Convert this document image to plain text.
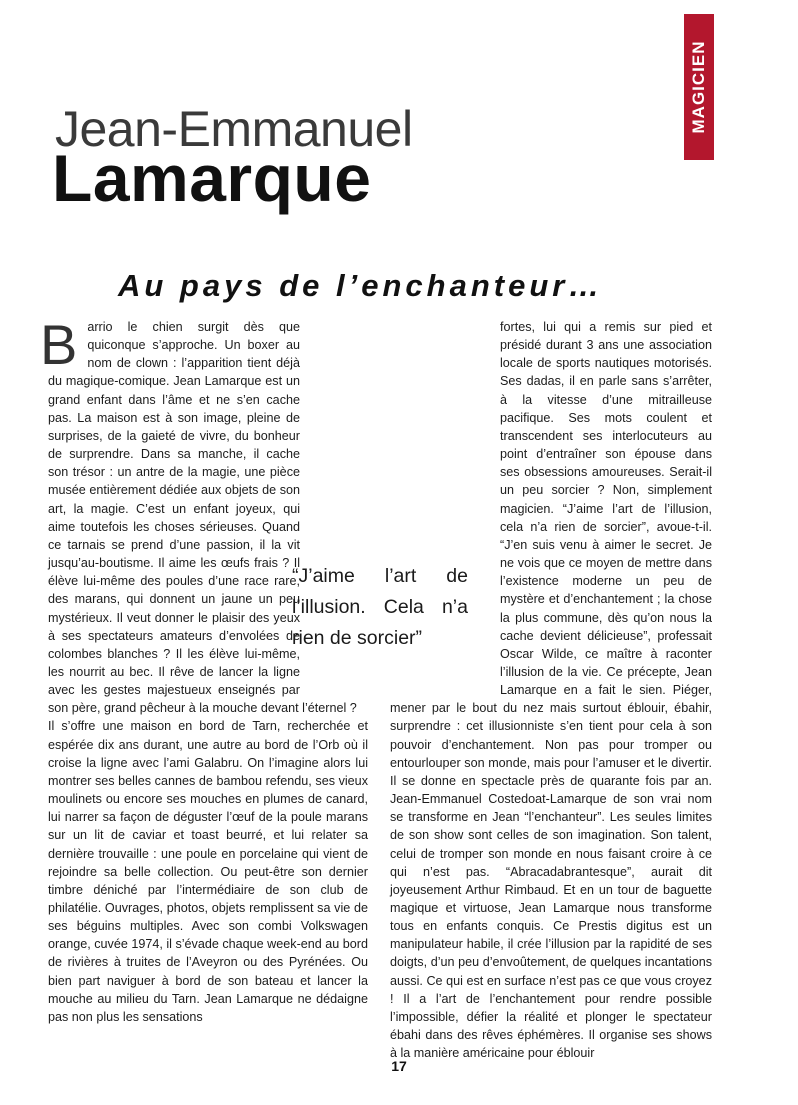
MAGICIEN
Jean-Emmanuel
Lamarque
Au pays de l’enchanteur…

Barrio le chien surgit dès que quiconque s’approche. Un boxer au nom de clown : l’apparition tient déjà du magique-comique. Jean Lamarque est un grand enfant dans l’âme et ne s’en cache pas. La maison est à son image, pleine de surprises, de la gaieté de vivre, du bonheur de surprendre. Dans sa manche, il cache son trésor : un antre de la magie, une pièce musée entièrement dédiée aux objets de son art, la magie. C’est un enfant joyeux, qui aime toutefois les choses sérieuses. Quand ce tarnais se prend d’une passion, il la vit jusqu’au-boutisme. Il aime les œufs frais ? Il élève lui-même des poules d’une race rare, des marans, qui donnent un jaune un peu mystérieux. Il veut donner le plaisir des yeux à ses spectateurs amateurs d’envolées de colombes blanches ? Il les élève lui-même, les nourrit au bec. Il rêve de lancer la ligne avec les gestes majestueux enseignés par son père, grand pêcheur à la mouche devant l’éternel ?

Il s’offre une maison en bord de Tarn, recherchée et espérée dix ans durant, une autre au bord de l’Orb où il croise la ligne avec l’ami Galabru. On l’imagine alors lui montrer ses belles cannes de bambou refendu, ses vieux moulinets ou encore ses mouches en plumes de canard, lui narrer sa façon de déguster l’œuf de la poule marans sur un lit de caviar et toast beurré, et lui relater sa dernière trouvaille : une poule en porcelaine qui vient de rejoindre sa belle collection. Ou peut-être son dernier timbre déniché par l’intermédiaire de son club de philatélie. Ouvrages, photos, objets remplissent sa vie de ses béguins multiples. Avec son combi Volkswagen orange, cuvée 1974, il s’évade chaque week-end au bord de rivières à truites de l’Aveyron ou des Pyrénées. Ou bien part naviguer à bord de son bateau et lancer la mouche au milieu du Tarn. Jean Lamarque ne dédaigne pas non plus les sensations

fortes, lui qui a remis sur pied et présidé durant 3 ans une association locale de sports nautiques motorisés. Ses dadas, il en parle sans s’arrêter, à la vitesse d’une mitrailleuse pacifique. Ses mots coulent et transcendent ses interlocuteurs au point d’entraîner son épouse dans ses obsessions amoureuses. Serait-il un peu sorcier ? Non, simplement magicien. “J’aime l’art de l’illusion, cela n’a rien de sorcier”, avoue-t-il. “J’en suis venu à aimer le secret. Je ne vois que ce moyen de mettre dans l’existence moderne un peu de mystère et d’enchantement ; la chose la plus commune, dès qu’on nous la cache devient délicieuse”, professait Oscar Wilde, ce maître à raconter l’illusion de la vie. Ce précepte, Jean Lamarque en a fait le sien. Piéger, mener par le bout du nez mais surtout éblouir, ébahir, surprendre : cet illusionniste s’en tient pour cela à son pouvoir d’enchantement. Non pas pour tromper ou entourlouper son monde, mais pour l’amuser et le divertir. Il se donne en spectacle près de quarante fois par an. Jean-Emmanuel Costedoat-Lamarque de son vrai nom se transforme en Jean “l’enchanteur”. Les seules limites de son show sont celles de son imagination. Son talent, celui de tromper son monde en nous faisant croire à ce qui n’est pas. “Abracadabrantesque”, aurait dit joyeusement Arthur Rimbaud. Et en un tour de baguette magique et virtuose, Jean Lamarque nous transforme tous en enfants conquis. Ce Prestis digitus est un manipulateur habile, il crée l’illusion par la rapidité de ses doigts, d’un peu d’envoûtement, de quelques incantations aussi. Ce qui est en surface n’est pas ce que vous croyez ! Il a l’art de l’enchantement pour rendre possible l’impossible, défier la réalité et plonger le spectateur ébahi dans des rêves éphémères. Il organise ses shows à la manière américaine pour éblouir

“J’aime l’art de l’illusion. Cela n’a rien de sorcier”
17
